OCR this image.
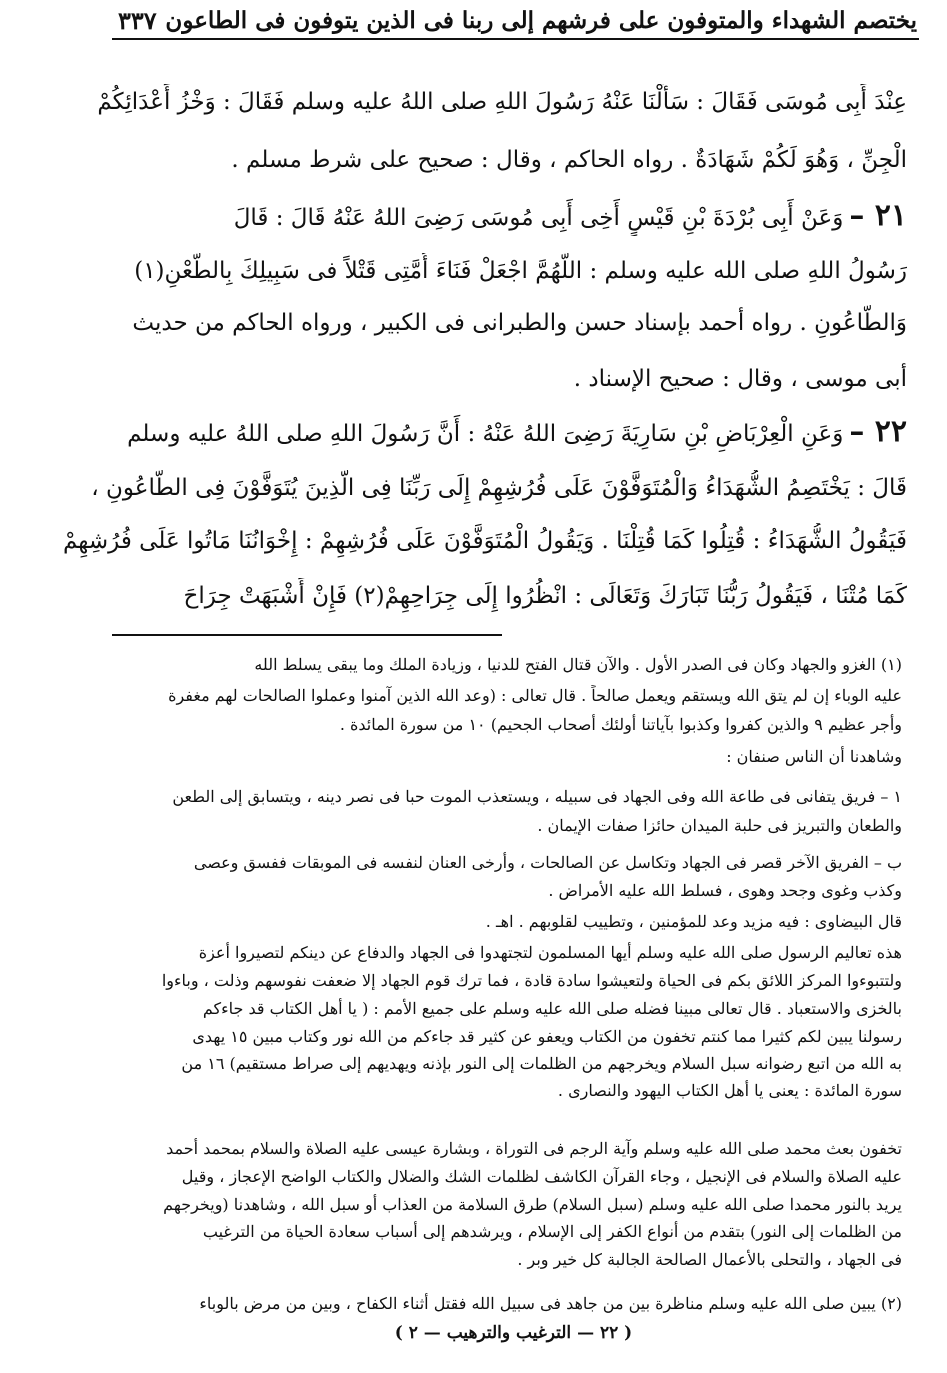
يختصم الشهداء والمتوفون على فرشهم إلى ربنا فى الذين يتوفون فى الطاعون
٣٣٧
عِنْدَ أَبِى مُوسَى فَقَالَ : سَأَلْنَا عَنْهُ رَسُولَ اللهِ صلى اللهُ عليه وسلم فَقَالَ : وَخْزُ أَعْدَائِكُمْ
الْجِنِّ ، وَهُوَ لَكُمْ شَهَادَةٌ . رواه الحاكم ، وقال : صحيح على شرط مسلم .
٢١ –وَعَنْ أَبِى بُرْدَةَ بْنِ قَيْسٍ أَخِى أَبِى مُوسَى رَضِىَ اللهُ عَنْهُ قَالَ : قَالَ
رَسُولُ اللهِ صلى الله عليه وسلم : اللَّهُمَّ اجْعَلْ فَنَاءَ أُمَّتِى قَتْلاً فى سَبِيلِكَ بِالطَّعْنِ(١)
وَالطَّاعُونِ . رواه أحمد بإسناد حسن والطبرانى فى الكبير ، ورواه الحاكم من حديث
أبى موسى ، وقال : صحيح الإسناد .
٢٢ –وَعَنِ الْعِرْبَاضِ بْنِ سَارِيَةَ رَضِىَ اللهُ عَنْهُ : أَنَّ رَسُولَ اللهِ صلى اللهُ عليه وسلم
قَالَ : يَخْتَصِمُ الشُّهَدَاءُ وَالْمُتَوَفَّوْنَ عَلَى فُرُشِهِمْ إِلَى رَبِّنَا فِى الَّذِينَ يُتَوَفَّوْنَ فِى الطَّاعُونِ ،
فَيَقُولُ الشُّهَدَاءُ : قُتِلُوا كَمَا قُتِلْنَا . وَيَقُولُ الْمُتَوَفَّوْنَ عَلَى فُرُشِهِمْ : إِخْوَانُنَا مَاتُوا عَلَى فُرُشِهِمْ
كَمَا مُتْنَا ، فَيَقُولُ رَبُّنَا تَبَارَكَ وَتَعَالَى : انْظُرُوا إِلَى جِرَاحِهِمْ(٢) فَإِنْ أَشْبَهَتْ جِرَاحَ
(١) الغزو والجهاد وكان فى الصدر الأول . والآن قتال الفتح للدنيا ، وزيادة الملك وما يبقى يسلط الله
عليه الوباء إن لم يتق الله ويستقم ويعمل صالحاً . قال تعالى : (وعد الله الذين آمنوا وعملوا الصالحات لهم مغفرة
وأجر عظيم ٩ والذين كفروا وكذبوا بآياتنا أولئك أصحاب الجحيم) ١٠ من سورة المائدة .
وشاهدنا أن الناس صنفان :
١ – فريق يتفانى فى طاعة الله وفى الجهاد فى سبيله ، ويستعذب الموت حبا فى نصر دينه ، ويتسابق إلى الطعن
والطعان والتبريز فى حلبة الميدان حائزا صفات الإيمان .
ب – الفريق الآخر قصر فى الجهاد وتكاسل عن الصالحات ، وأرخى العنان لنفسه فى الموبقات ففسق وعصى
وكذب وغوى وجحد وهوى ، فسلط الله عليه الأمراض .
قال البيضاوى : فيه مزيد وعد للمؤمنين ، وتطييب لقلوبهم . اهـ .
هذه تعاليم الرسول صلى الله عليه وسلم أيها المسلمون لتجتهدوا فى الجهاد والدفاع عن دينكم لتصيروا أعزة
ولتتبوءوا المركز اللائق بكم فى الحياة ولتعيشوا سادة قادة ، فما ترك قوم الجهاد إلا ضعفت نفوسهم وذلت ، وباءوا
بالخزى والاستعباد . قال تعالى مبينا فضله صلى الله عليه وسلم على جميع الأمم : ( يا أهل الكتاب قد جاءكم
رسولنا يبين لكم كثيرا مما كنتم تخفون من الكتاب ويعفو عن كثير قد جاءكم من الله نور وكتاب مبين ١٥ يهدى
به الله من اتبع رضوانه سبل السلام ويخرجهم من الظلمات إلى النور بإذنه ويهديهم إلى صراط مستقيم) ١٦ من
سورة المائدة : يعنى يا أهل الكتاب اليهود والنصارى .
تخفون بعث محمد صلى الله عليه وسلم وآية الرجم فى التوراة ، وبشارة عيسى عليه الصلاة والسلام بمحمد أحمد
عليه الصلاة والسلام فى الإنجيل ، وجاء القرآن الكاشف لظلمات الشك والضلال والكتاب الواضح الإعجاز ، وقيل
يريد بالنور محمدا صلى الله عليه وسلم (سبل السلام) طرق السلامة من العذاب أو سبل الله ، وشاهدنا (ويخرجهم
من الظلمات إلى النور) بتقدم من أنواع الكفر إلى الإسلام ، ويرشدهم إلى أسباب سعادة الحياة من الترغيب
فى الجهاد ، والتحلى بالأعمال الصالحة الجالبة كل خير وبر .
(٢) يبين صلى الله عليه وسلم مناظرة بين من جاهد فى سبيل الله فقتل أثناء الكفاح ، وبين من مرض بالوباء
( ٢٢ — الترغيب والترهيب — ٢ )
